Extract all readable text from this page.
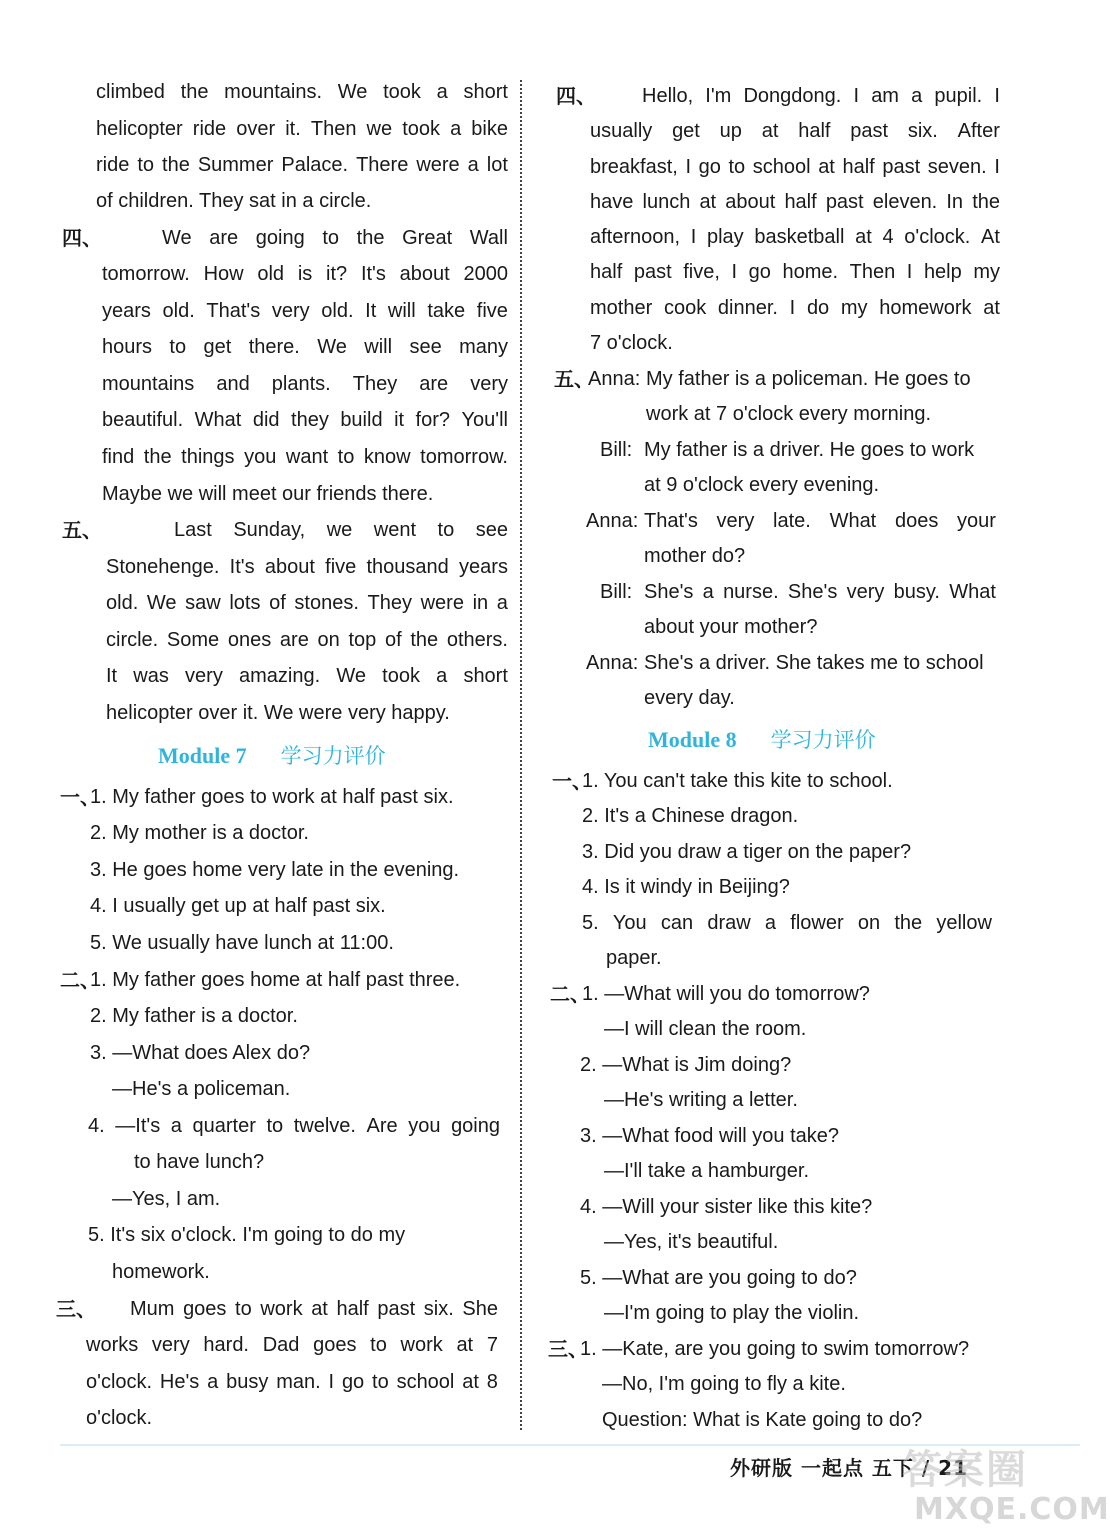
climbed the mountains. We took a short
helicopter ride over it. Then we took a bike
ride to the Summer Palace. There were a lot
of children. They sat in a circle.
四、	We are going to the Great Wall
tomorrow. How old is it? It's about 2000
years old. That's very old. It will take five
hours to get there. We will see many
mountains and plants. They are very
beautiful. What did they build it for? You'll
find the things you want to know tomorrow.
Maybe we will meet our friends there.
五、	Last Sunday, we went to see
Stonehenge. It's about five thousand years
old. We saw lots of stones. They were in a
circle. Some ones are on top of the others.
It was very amazing. We took a short
helicopter over it. We were very happy.
Module 7 学习力评价
一、
1. My father goes to work at half past six.
2. My mother is a doctor.
3. He goes home very late in the evening.
4. I usually get up at half past six.
5. We usually have lunch at 11:00.
二、
1. My father goes home at half past three.
2. My father is a doctor.
3. —What does Alex do?
—He's a policeman.
4. —It's a quarter to twelve. Are you going
to have lunch?
—Yes, I am.
5. It's six o'clock. I'm going to do my
homework.
三、 Mum goes to work at half past six. She
works very hard. Dad goes to work at 7
o'clock. He's a busy man. I go to school at 8
o'clock.
四、 Hello, I'm Dongdong. I am a pupil. I
usually get up at half past six. After
breakfast, I go to school at half past seven. I
have lunch at about half past eleven. In the
afternoon, I play basketball at 4 o'clock. At
half past five, I go home. Then I help my
mother cook dinner. I do my homework at
7 o'clock.
五、
Anna: My father is a policeman. He goes to
work at 7 o'clock every morning.
Bill: My father is a driver. He goes to work
at 9 o'clock every evening.
Anna: That's very late. What does your
mother do?
Bill: She's a nurse. She's very busy. What
about your mother?
Anna: She's a driver. She takes me to school
every day.
Module 8 学习力评价
一、
1. You can't take this kite to school.
2. It's a Chinese dragon.
3. Did you draw a tiger on the paper?
4. Is it windy in Beijing?
5. You can draw a flower on the yellow
paper.
二、
1. —What will you do tomorrow?
—I will clean the room.
2. —What is Jim doing?
—He's writing a letter.
3. —What food will you take?
—I'll take a hamburger.
4. —Will your sister like this kite?
—Yes, it's beautiful.
5. —What are you going to do?
—I'm going to play the violin.
三、
1. —Kate, are you going to swim tomorrow?
—No, I'm going to fly a kite.
Question: What is Kate going to do?
外研版 一起点 五下 / 21
答案圈
MXQE.COM
